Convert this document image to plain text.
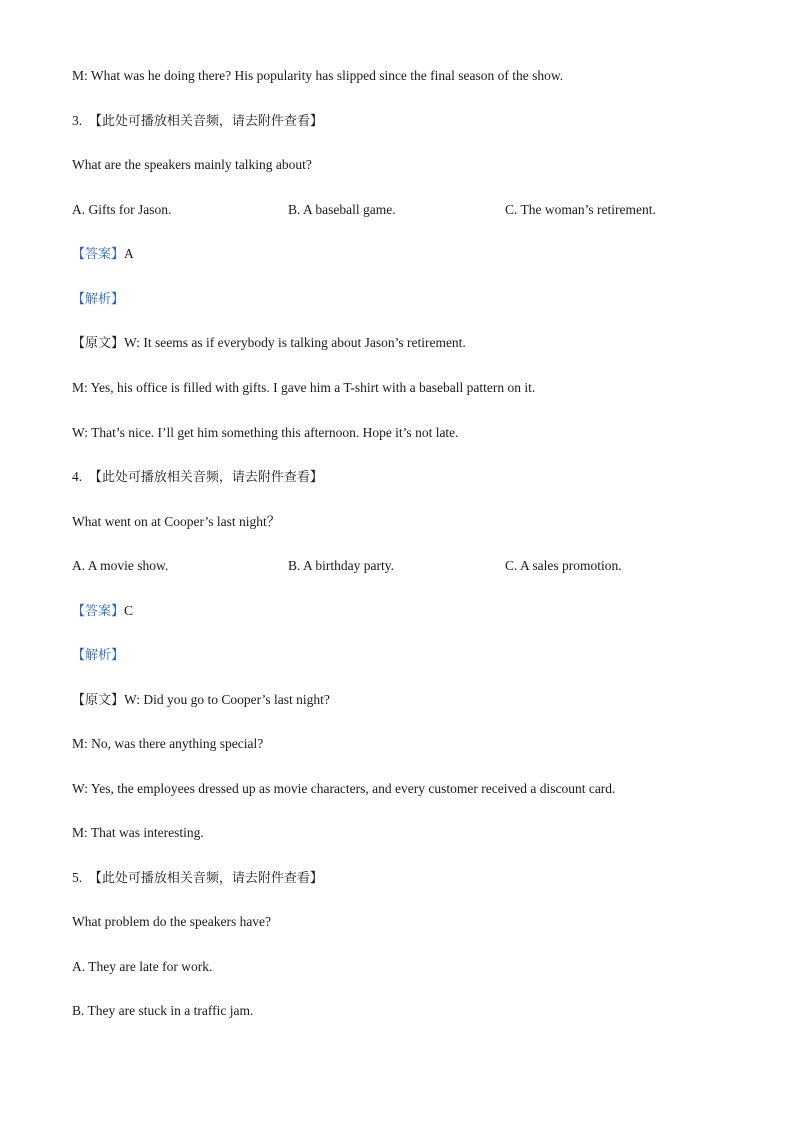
M: What was he doing there? His popularity has slipped since the final season of the show.
3. 【此处可播放相关音频，请去附件查看】
What are the speakers mainly talking about?
A. Gifts for Jason.	B. A baseball game.	C. The woman’s retirement.
【答案】A
【解析】
【原文】W: It seems as if everybody is talking about Jason’s retirement.
M: Yes, his office is filled with gifts. I gave him a T-shirt with a baseball pattern on it.
W: That’s nice. I’ll get him something this afternoon. Hope it’s not late.
4. 【此处可播放相关音频，请去附件查看】
What went on at Cooper’s last night？
A. A movie show.	B. A birthday party.	C. A sales promotion.
【答案】C
【解析】
【原文】W: Did you go to Cooper’s last night?
M: No, was there anything special?
W: Yes, the employees dressed up as movie characters, and every customer received a discount card.
M: That was interesting.
5. 【此处可播放相关音频，请去附件查看】
What problem do the speakers have?
A. They are late for work.
B. They are stuck in a traffic jam.
